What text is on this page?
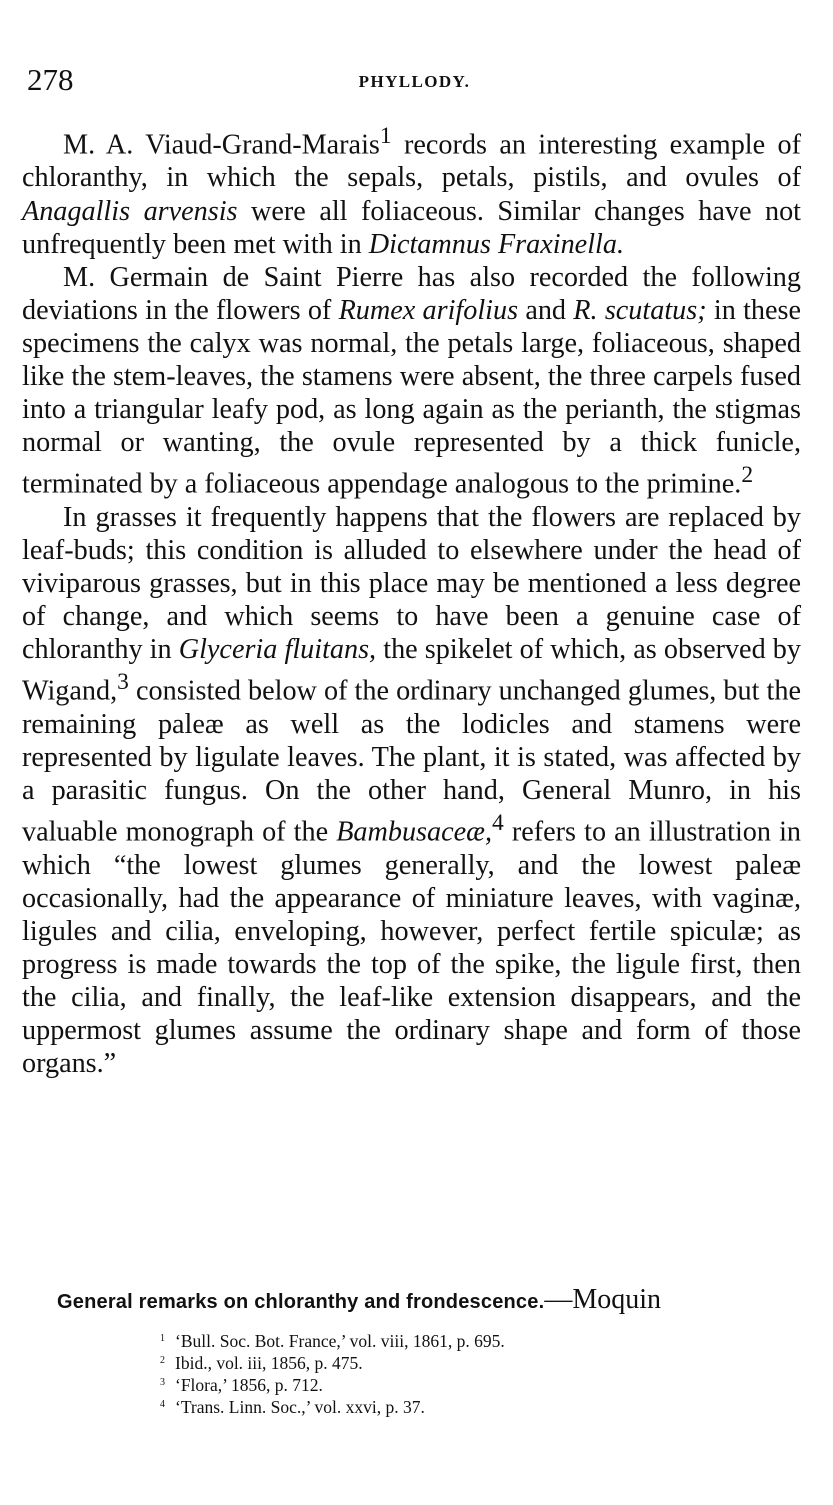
278	PHYLLODY.

M. A. Viaud-Grand-Marais$^1$ records an interesting example of chloranthy, in which the sepals, petals, pistils, and ovules of Anagallis arvensis were all foliaceous. Similar changes have not unfrequently been met with in Dictamnus Fraxinella.

M. Germain de Saint Pierre has also recorded the following deviations in the flowers of Rumex arifolius and R. scutatus; in these specimens the calyx was normal, the petals large, foliaceous, shaped like the stem-leaves, the stamens were absent, the three carpels fused into a triangular leafy pod, as long again as the perianth, the stigmas normal or wanting, the ovule represented by a thick funicle, terminated by a foliaceous appendage analogous to the primine.$^2$

In grasses it frequently happens that the flowers are replaced by leaf-buds; this condition is alluded to elsewhere under the head of viviparous grasses, but in this place may be mentioned a less degree of change, and which seems to have been a genuine case of chloranthy in Glyceria fluitans, the spikelet of which, as observed by Wigand,$^3$ consisted below of the ordinary unchanged glumes, but the remaining paleæ as well as the lodicles and stamens were represented by ligulate leaves. The plant, it is stated, was affected by a parasitic fungus. On the other hand, General Munro, in his valuable monograph of the Bambusaceæ,$^4$ refers to an illustration in which “the lowest glumes generally, and the lowest paleæ occasionally, had the appearance of miniature leaves, with vaginæ, ligules and cilia, enveloping, however, perfect fertile spiculæ; as progress is made towards the top of the spike, the ligule first, then the cilia, and finally, the leaf-like extension disappears, and the uppermost glumes assume the ordinary shape and form of those organs.”

General remarks on chloranthy and frondescence.—Moquin
$^1$ ‘Bull. Soc. Bot. France,’ vol. viii, 1861, p. 695.
$^2$ Ibid., vol. iii, 1856, p. 475.
$^3$ ‘Flora,’ 1856, p. 712.
$^4$ ‘Trans. Linn. Soc.,’ vol. xxvi, p. 37.
